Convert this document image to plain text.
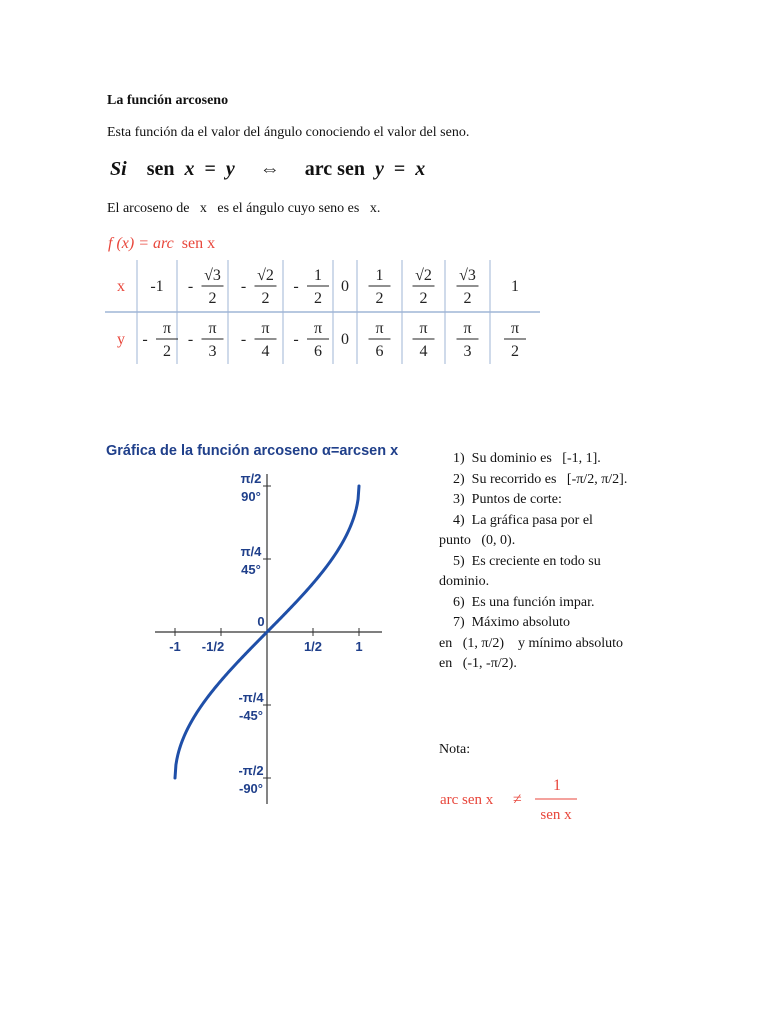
La función arcoseno
Esta función da el valor del ángulo conociendo el valor del seno.
Si sen x = y ⇔ arc sen y = x
El arcoseno de   x   es el ángulo cuyo seno es   x.
f (x) = arc sen x
x
y
-1
-
π
2
-
√3
2
-
π
3
-
√2
2
-
π
4
-
1
2
-
π
6
0
0
1
2
π
6
√2
2
π
4
√3
2
π
3
1
π
2
Gráfica de la función arcoseno α=arcsen x
-1 -1/2
0
1/2	1
π/2
90°
π/4
45°
-π/4
-45°
-π/2
-90°
1)  Su dominio es   [-1, 1].
2)  Su recorrido es   [-π/2, π/2].
3)  Puntos de corte:
4)  La gráfica pasa por el
punto   (0, 0).
5)  Es creciente en todo su
dominio.
6)  Es una función impar.
7)  Máximo absoluto
en   (1, π/2)    y mínimo absoluto
en   (-1, -π/2).
Nota:
arc sen x ≠
1
sen x
